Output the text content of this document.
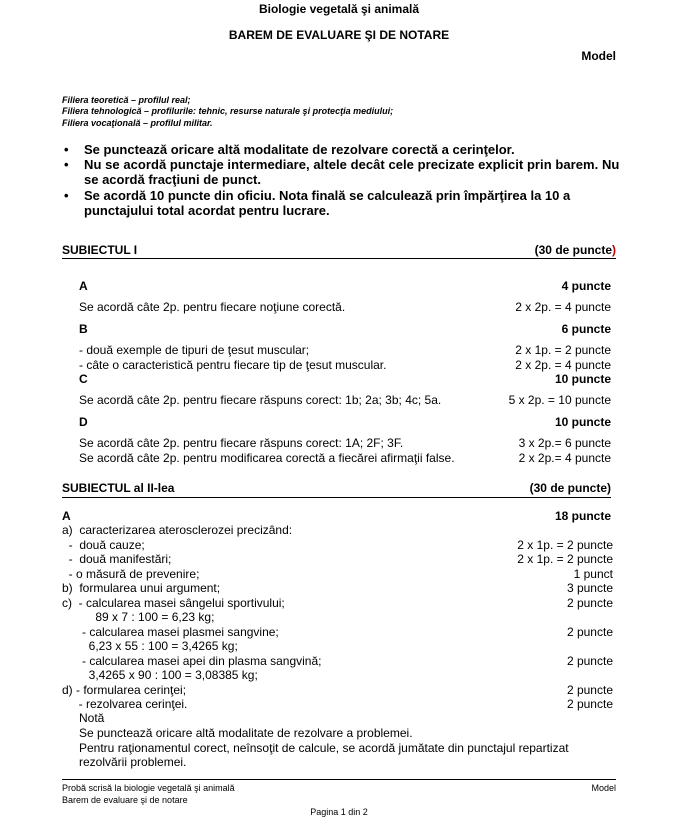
Biologie vegetală şi animală
BAREM DE EVALUARE ŞI DE NOTARE
Model
Filiera teoretică – profilul real;
Filiera tehnologică – profilurile: tehnic, resurse naturale şi protecţia mediului;
Filiera vocaţională – profilul militar.
• Se punctează oricare altă modalitate de rezolvare corectă a cerinţelor.
• Nu se acordă punctaje intermediare, altele decât cele precizate explicit prin barem. Nu
se acordă fracţiuni de punct.
• Se acordă 10 puncte din oficiu. Nota finală se calculează prin împărţirea la 10 a
punctajului total acordat pentru lucrare.
SUBIECTUL I	(30 de puncte)
A	4 puncte
Se acordă câte 2p. pentru fiecare noţiune corectă.	2 x 2p. = 4 puncte
B	6 puncte
- două exemple de tipuri de ţesut muscular;	2 x 1p. = 2 puncte
- câte o caracteristică pentru fiecare tip de ţesut muscular.	2 x 2p. = 4 puncte
C	10 puncte
Se acordă câte 2p. pentru fiecare răspuns corect: 1b; 2a; 3b; 4c; 5a.	5 x 2p. = 10 puncte
D	10 puncte
Se acordă câte 2p. pentru fiecare răspuns corect: 1A; 2F; 3F.	3 x 2p.= 6 puncte
Se acordă câte 2p. pentru modificarea corectă a fiecărei afirmaţii false.	2 x 2p.= 4 puncte
SUBIECTUL al II-lea	(30 de puncte)
A	18 puncte
a)  caracterizarea aterosclerozei precizând:
-  două cauze;	2 x 1p. = 2 puncte
-  două manifestări;	2 x 1p. = 2 puncte
- o măsură de prevenire;	1 punct
b)  formularea unui argument;	3 puncte
c)  - calcularea masei sângelui sportivului;	2 puncte
89 x 7 : 100 = 6,23 kg;
- calcularea masei plasmei sangvine;	2 puncte
6,23 x 55 : 100 = 3,4265 kg;
- calcularea masei apei din plasma sangvină;	2 puncte
3,4265 x 90 : 100 = 3,08385 kg;
d) - formularea cerinţei;	2 puncte
- rezolvarea cerinţei.	2 puncte
Notă
Se punctează oricare altă modalitate de rezolvare a problemei.
Pentru raţionamentul corect, neînsoţit de calcule, se acordă jumătate din punctajul repartizat
rezolvării problemei.
Probă scrisă la biologie vegetală şi animală
Barem de evaluare şi de notare
Model
Pagina 1 din 2
